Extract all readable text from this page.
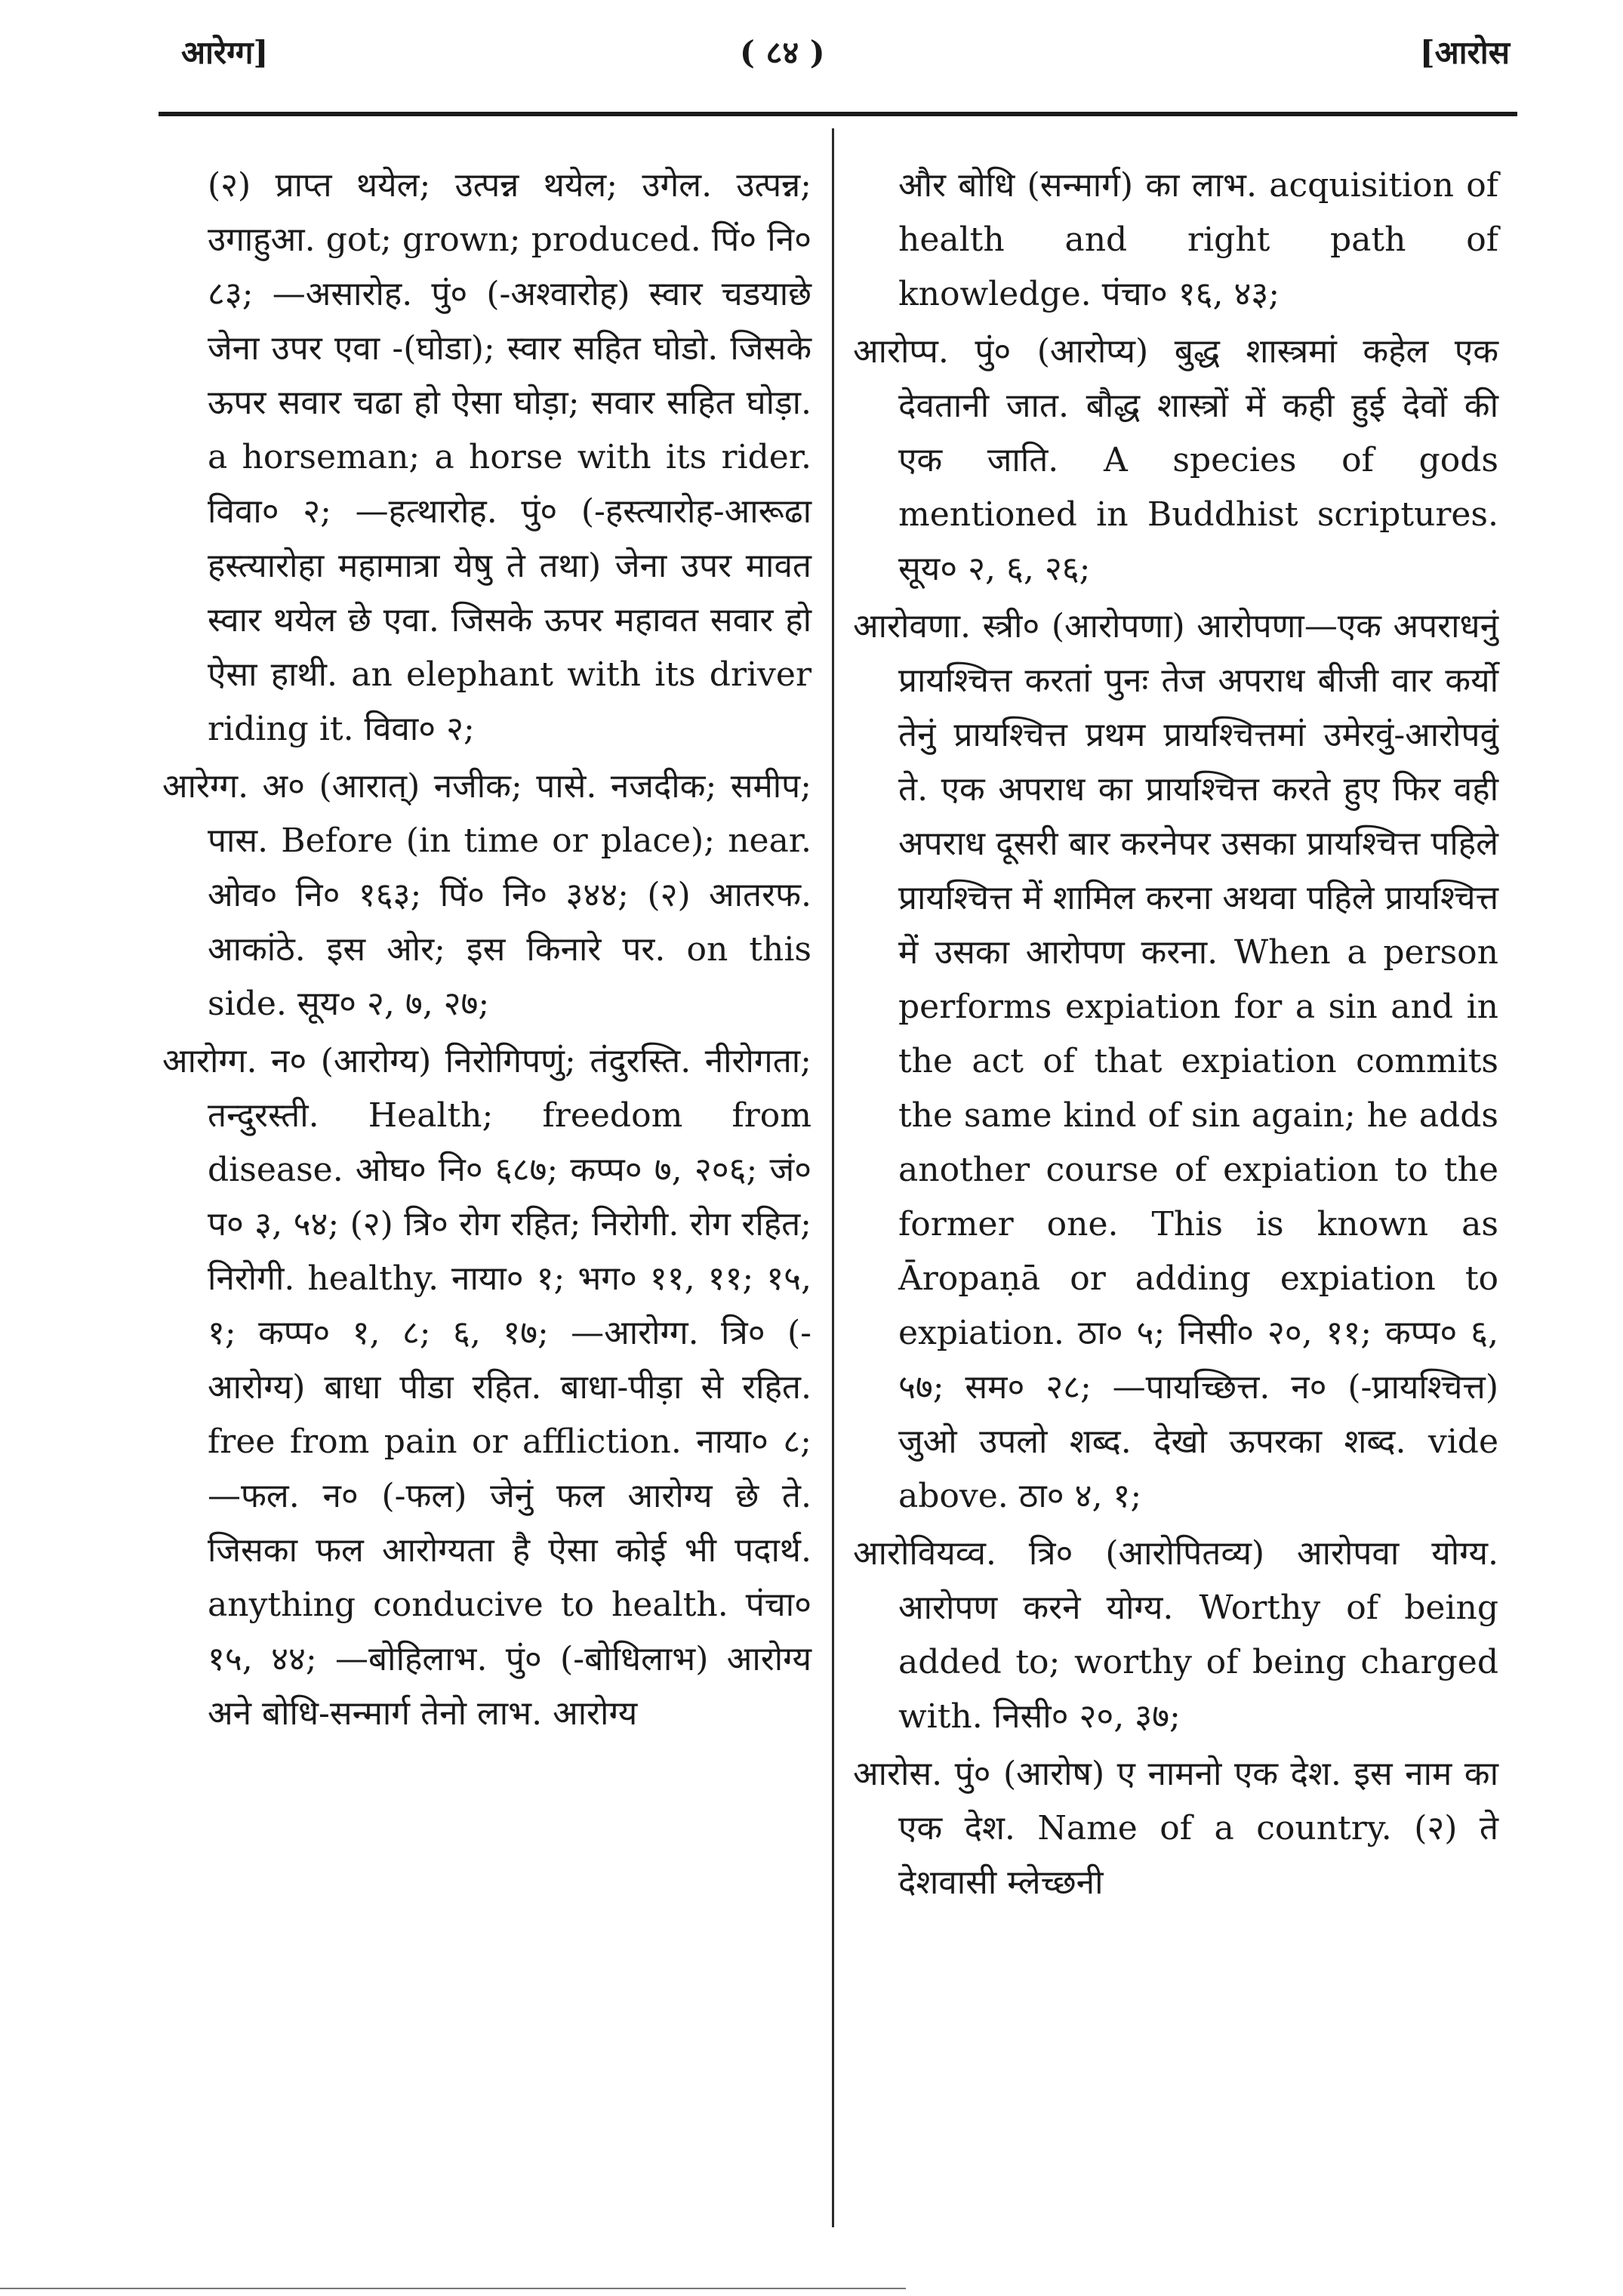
आरेग्ग]	( ८४ )	[आरोस

(२) प्राप्त थयेल; उत्पन्न थयेल; उगेल. उत्पन्न; उगाहुआ. got; grown; produced. पिं० नि० ८३; —असारोह. पुं० (-अश्वारोह) स्वार चडयाछे जेना उपर एवा -(घोडा); स्वार सहित घोडो. जिसके ऊपर सवार चढा हो ऐसा घोड़ा; सवार सहित घोड़ा. a horseman; a horse with its rider. विवा० २; —हत्थारोह. पुं० (-हस्त्यारोह-आरूढा हस्त्यारोहा महामात्रा येषु ते तथा) जेना उपर मावत स्वार थयेल छे एवा. जिसके ऊपर महावत सवार हो ऐसा हाथी. an elephant with its driver riding it. विवा० २;

आरेग्ग. अ० (आरात्) नजीक; पासे. नजदीक; समीप; पास. Before (in time or place); near. ओव० नि० १६३; पिं० नि० ३४४; (२) आतरफ. आकांठे. इस ओर; इस किनारे पर. on this side. सूय० २, ७, २७;

आरोग्ग. न० (आरोग्य) निरोगिपणुं; तंदुरस्ति. नीरोगता; तन्दुरस्ती. Health; freedom from disease. ओघ० नि० ६८७; कप्प० ७, २०६; जं० प० ३, ५४; (२) त्रि० रोग रहित; निरोगी. रोग रहित; निरोगी. healthy. नाया० १; भग० ११, ११; १५, १; कप्प० १, ८; ६, १७; —आरोग्ग. त्रि० (-आरोग्य) बाधा पीडा रहित. बाधा-पीड़ा से रहित. free from pain or affliction. नाया० ८; —फल. न० (-फल) जेनुं फल आरोग्य छे ते. जिसका फल आरोग्यता है ऐसा कोई भी पदार्थ. anything conducive to health. पंचा० १५, ४४; —बोहिलाभ. पुं० (-बोधिलाभ) आरोग्य अने बोधि-सन्मार्ग तेनो लाभ. आरोग्य

और बोधि (सन्मार्ग) का लाभ. acquisition of health and right path of knowledge. पंचा० १६, ४३;

आरोप्प. पुं० (आरोप्य) बुद्ध शास्त्रमां कहेल एक देवतानी जात. बौद्ध शास्त्रों में कही हुई देवों की एक जाति. A species of gods mentioned in Buddhist scriptures. सूय० २, ६, २६;

आरोवणा. स्त्री० (आरोपणा) आरोपणा—एक अपराधनुं प्रायश्चित्त करतां पुनः तेज अपराध बीजी वार कर्यो तेनुं प्रायश्चित्त प्रथम प्रायश्चित्तमां उमेरवुं-आरोपवुं ते. एक अपराध का प्रायश्चित्त करते हुए फिर वही अपराध दूसरी बार करनेपर उसका प्रायश्चित्त पहिले प्रायश्चित्त में शामिल करना अथवा पहिले प्रायश्चित्त में उसका आरोपण करना. When a person performs expiation for a sin and in the act of that expiation commits the same kind of sin again; he adds another course of expiation to the former one. This is known as Āropaṇā or adding expiation to expiation. ठा० ५; निसी० २०, ११; कप्प० ६, ५७; सम० २८; —पायच्छित्त. न० (-प्रायश्चित्त) जुओ उपलो शब्द. देखो ऊपरका शब्द. vide above. ठा० ४, १;

आरोवियव्व. त्रि० (आरोपितव्य) आरोपवा योग्य. आरोपण करने योग्य. Worthy of being added to; worthy of being charged with. निसी० २०, ३७;

आरोस. पुं० (आरोष) ए नामनो एक देश. इस नाम का एक देश. Name of a country. (२) ते देशवासी म्लेच्छनी
